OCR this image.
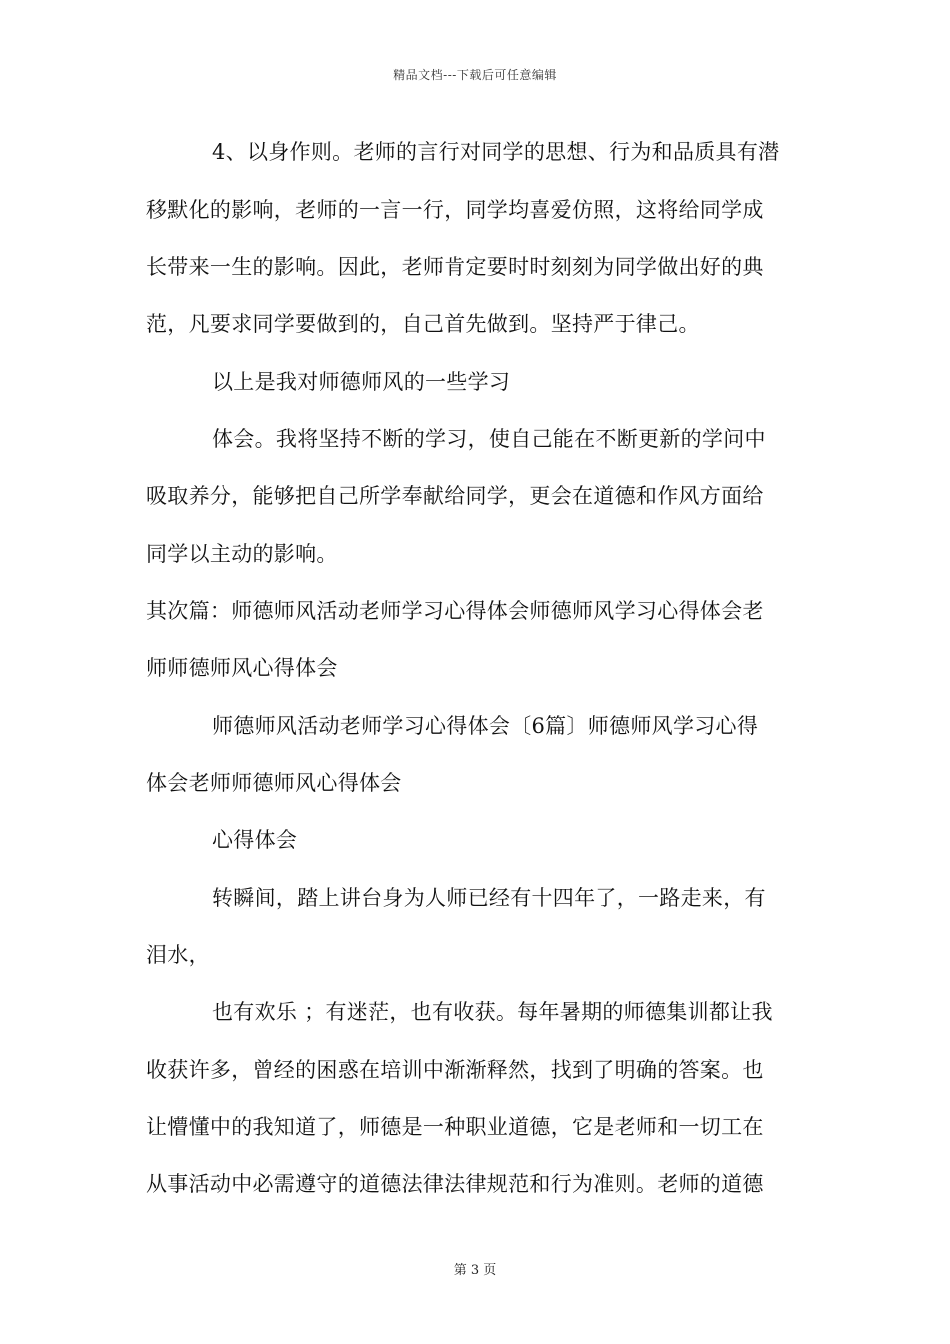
精品文档---下载后可任意编辑
4、以身作则。老师的言行对同学的思想、行为和品质具有潜
移默化的影响，老师的一言一行，同学均喜爱仿照，这将给同学成
长带来一生的影响。因此，老师肯定要时时刻刻为同学做出好的典
范，凡要求同学要做到的，自己首先做到。坚持严于律己。
以上是我对师德师风的一些学习
体会。我将坚持不断的学习，使自己能在不断更新的学问中
吸取养分，能够把自己所学奉献给同学，更会在道德和作风方面给
同学以主动的影响。
其次篇：师德师风活动老师学习心得体会师德师风学习心得体会老
师师德师风心得体会
师德师风活动老师学习心得体会〔6篇〕师德师风学习心得
体会老师师德师风心得体会
心得体会
转瞬间，踏上讲台身为人师已经有十四年了，一路走来，有
泪水，
也有欢乐 ；有迷茫，也有收获。每年暑期的师德集训都让我
收获许多，曾经的困惑在培训中渐渐释然，找到了明确的答案。也
让懵懂中的我知道了，师德是一种职业道德，它是老师和一切工在
从事活动中必需遵守的道德法律法律规范和行为准则。老师的道德
第 3 页
